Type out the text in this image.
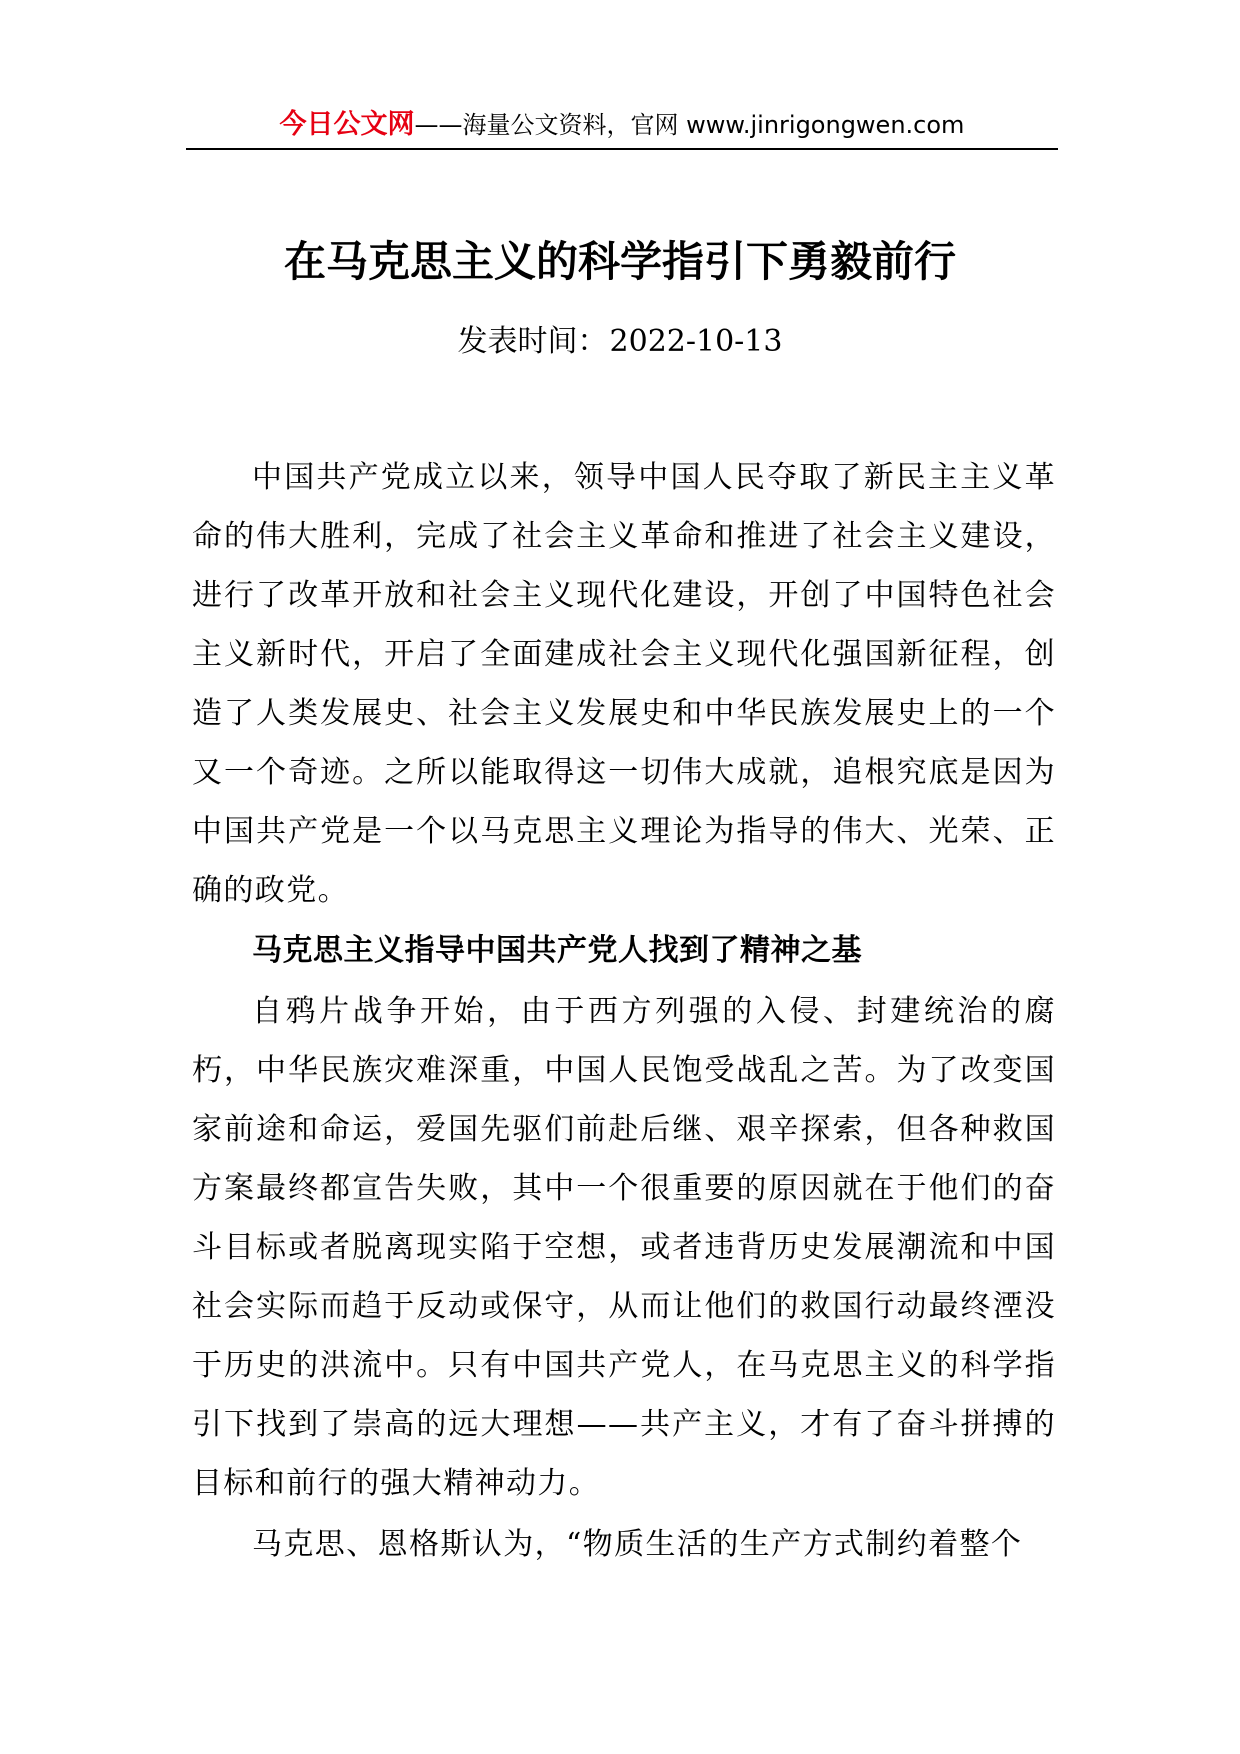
今日公文网——海量公文资料，官网 www.jinrigongwen.com
在马克思主义的科学指引下勇毅前行
发表时间：2022-10-13

中国共产党成立以来，领导中国人民夺取了新民主主义革命的伟大胜利，完成了社会主义革命和推进了社会主义建设，进行了改革开放和社会主义现代化建设，开创了中国特色社会主义新时代，开启了全面建成社会主义现代化强国新征程，创造了人类发展史、社会主义发展史和中华民族发展史上的一个又一个奇迹。之所以能取得这一切伟大成就，追根究底是因为中国共产党是一个以马克思主义理论为指导的伟大、光荣、正确的政党。

马克思主义指导中国共产党人找到了精神之基

自鸦片战争开始，由于西方列强的入侵、封建统治的腐朽，中华民族灾难深重，中国人民饱受战乱之苦。为了改变国家前途和命运，爱国先驱们前赴后继、艰辛探索，但各种救国方案最终都宣告失败，其中一个很重要的原因就在于他们的奋斗目标或者脱离现实陷于空想，或者违背历史发展潮流和中国社会实际而趋于反动或保守，从而让他们的救国行动最终湮没于历史的洪流中。只有中国共产党人，在马克思主义的科学指引下找到了崇高的远大理想——共产主义，才有了奋斗拼搏的目标和前行的强大精神动力。

马克思、恩格斯认为，“物质生活的生产方式制约着整个
